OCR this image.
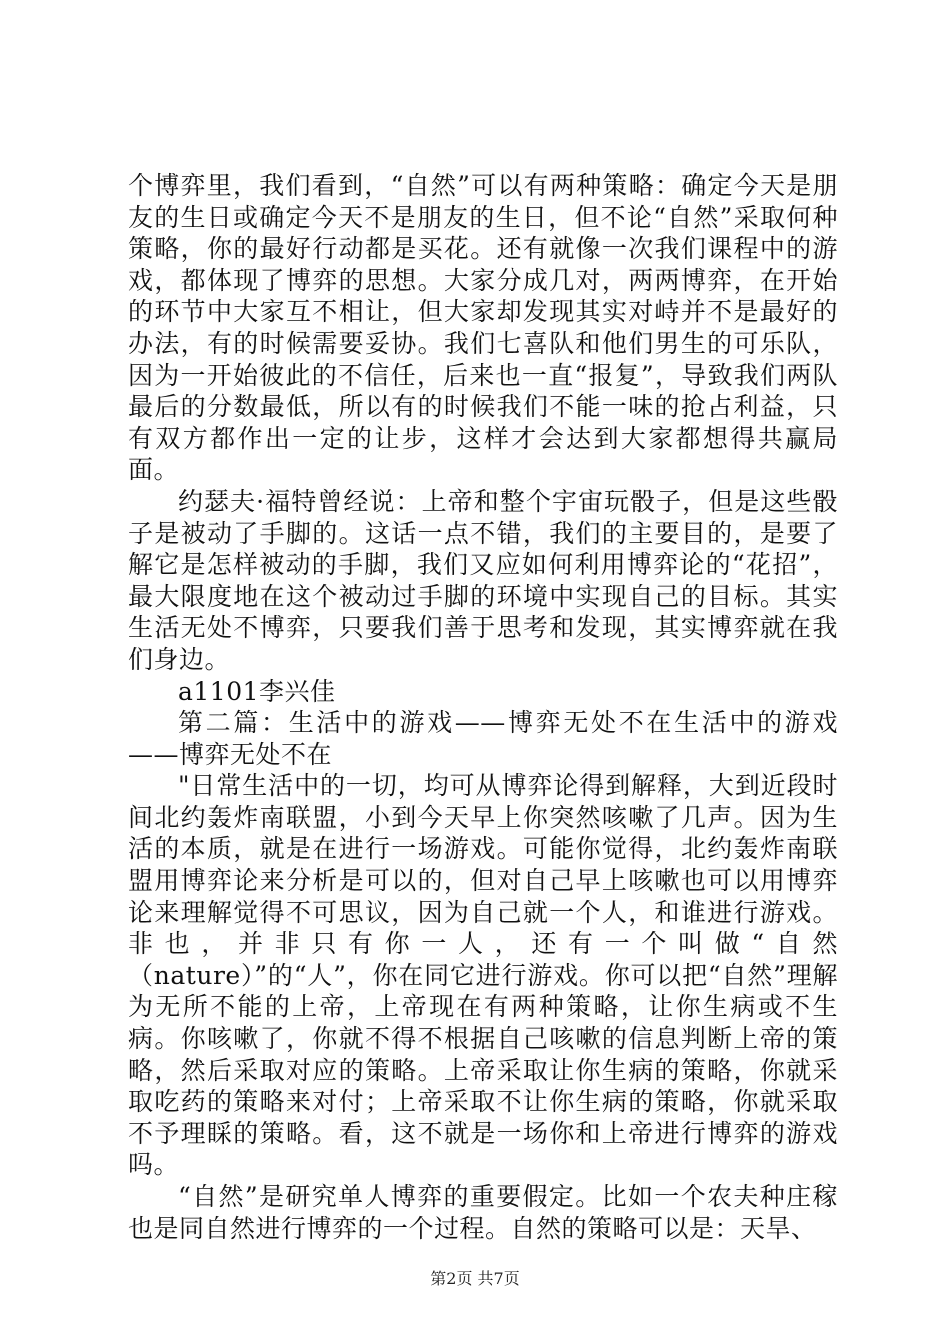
个博弈里，我们看到，“自然”可以有两种策略：确定今天是朋友的生日或确定今天不是朋友的生日，但不论“自然”采取何种策略，你的最好行动都是买花。还有就像一次我们课程中的游戏，都体现了博弈的思想。大家分成几对，两两博弈，在开始的环节中大家互不相让，但大家却发现其实对峙并不是最好的办法，有的时候需要妥协。我们七喜队和他们男生的可乐队，因为一开始彼此的不信任，后来也一直“报复”，导致我们两队最后的分数最低，所以有的时候我们不能一味的抢占利益，只有双方都作出一定的让步，这样才会达到大家都想得共赢局面。

约瑟夫·福特曾经说：上帝和整个宇宙玩骰子，但是这些骰子是被动了手脚的。这话一点不错，我们的主要目的，是要了解它是怎样被动的手脚，我们又应如何利用博弈论的“花招”，最大限度地在这个被动过手脚的环境中实现自己的目标。其实生活无处不博弈，只要我们善于思考和发现，其实博弈就在我们身边。

a1101李兴佳

第二篇：生活中的游戏——博弈无处不在生活中的游戏——博弈无处不在

"日常生活中的一切，均可从博弈论得到解释，大到近段时间北约轰炸南联盟，小到今天早上你突然咳嗽了几声。因为生活的本质，就是在进行一场游戏。可能你觉得，北约轰炸南联盟用博弈论来分析是可以的，但对自己早上咳嗽也可以用博弈论来理解觉得不可思议，因为自己就一个人，和谁进行游戏。非也，并非只有你一人，还有一个叫做“自然（nature）”的“人”，你在同它进行游戏。你可以把“自然”理解为无所不能的上帝，上帝现在有两种策略，让你生病或不生病。你咳嗽了，你就不得不根据自己咳嗽的信息判断上帝的策略，然后采取对应的策略。上帝采取让你生病的策略，你就采取吃药的策略来对付；上帝采取不让你生病的策略，你就采取不予理睬的策略。看，这不就是一场你和上帝进行博弈的游戏吗。

“自然”是研究单人博弈的重要假定。比如一个农夫种庄稼也是同自然进行博弈的一个过程。自然的策略可以是：天旱、

第2页 共7页
